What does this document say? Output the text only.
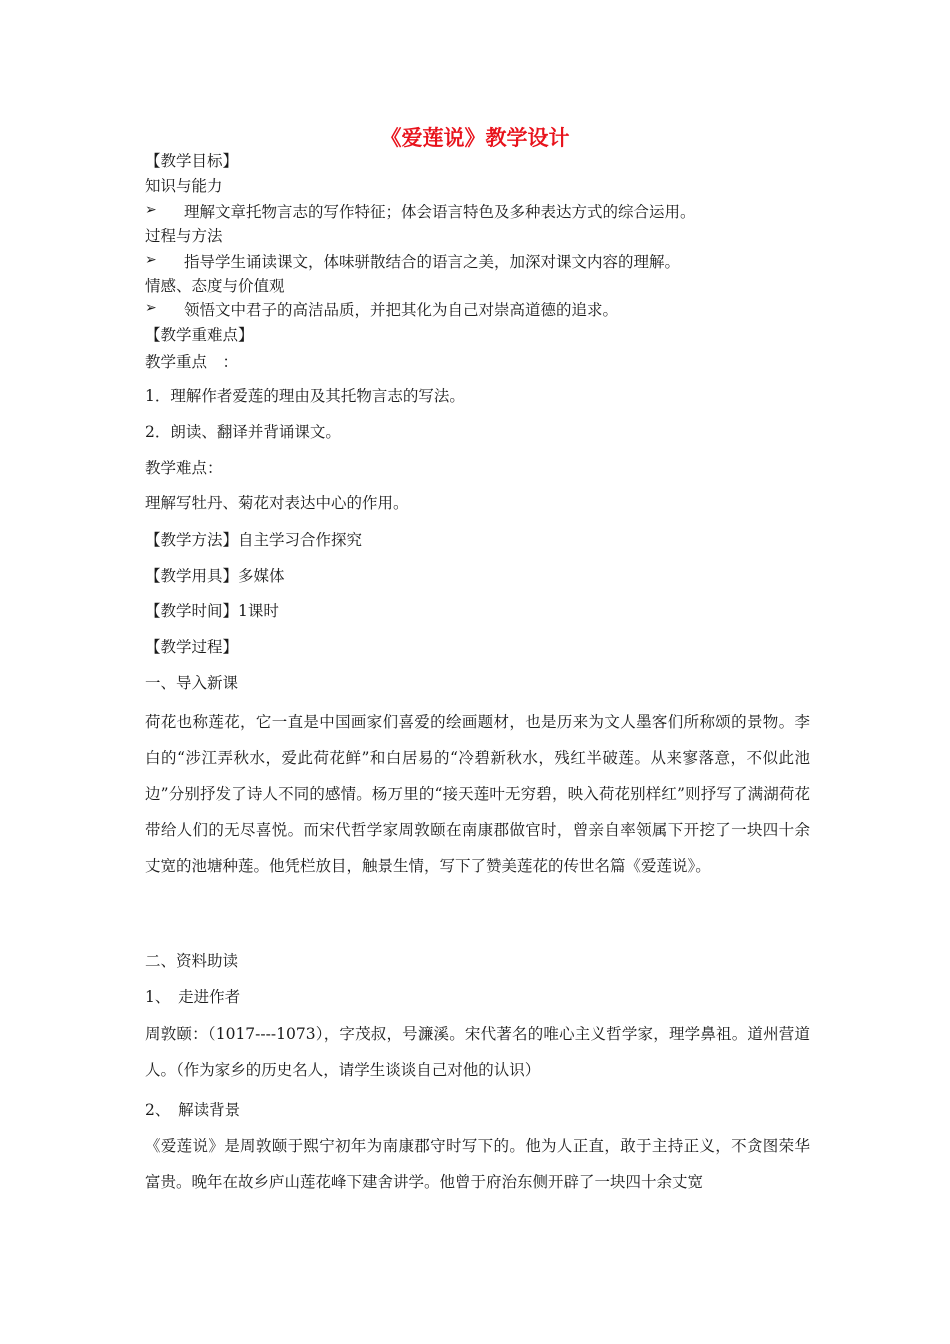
《爱莲说》教学设计
【教学目标】
知识与能力
➢ 理解文章托物言志的写作特征；体会语言特色及多种表达方式的综合运用。
过程与方法
➢ 指导学生诵读课文，体味骈散结合的语言之美，加深对课文内容的理解。
情感、态度与价值观
➢ 领悟文中君子的高洁品质，并把其化为自己对崇高道德的追求。
【教学重难点】
教学重点　：
1．理解作者爱莲的理由及其托物言志的写法。
2．朗读、翻译并背诵课文。
教学难点：
理解写牡丹、菊花对表达中心的作用。
【教学方法】自主学习合作探究
【教学用具】多媒体
【教学时间】1课时
【教学过程】
一、导入新课
荷花也称莲花，它一直是中国画家们喜爱的绘画题材，也是历来为文人墨客们所称颂的景物。李白的“涉江弄秋水，爱此荷花鲜”和白居易的“冷碧新秋水，残红半破莲。从来寥落意，不似此池边”分别抒发了诗人不同的感情。杨万里的“接天莲叶无穷碧，映入荷花别样红”则抒写了满湖荷花带给人们的无尽喜悦。而宋代哲学家周敦颐在南康郡做官时，曾亲自率领属下开挖了一块四十余丈宽的池塘种莲。他凭栏放目，触景生情，写下了赞美莲花的传世名篇《爱莲说》。
二、资料助读
1、　走进作者
周敦颐：（1017----1073），字茂叔，号濂溪。宋代著名的唯心主义哲学家，理学鼻祖。道州营道人。（作为家乡的历史名人，请学生谈谈自己对他的认识）
2、　解读背景
《爱莲说》是周敦颐于熙宁初年为南康郡守时写下的。他为人正直，敢于主持正义，不贪图荣华富贵。晚年在故乡庐山莲花峰下建舍讲学。他曾于府治东侧开辟了一块四十余丈宽
